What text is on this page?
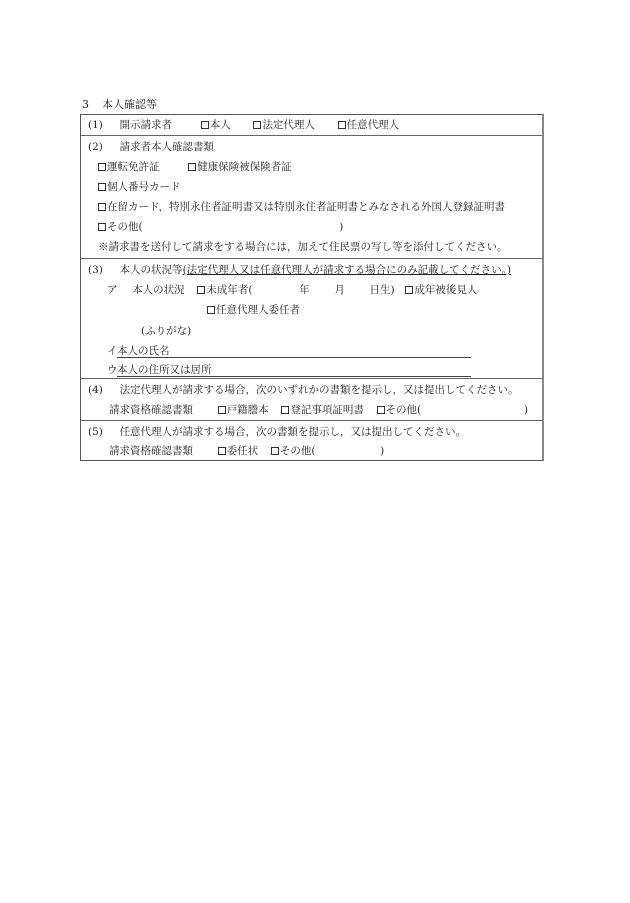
3 本人確認等
(1) 開示請求者	本人	法定代理人	任意代理人
(2) 請求者本人確認書類
運転免許証	健康保険被保険者証
個人番号カード
在留カード，特別永住者証明書又は特別永住者証明書とみなされる外国人登録証明書
その他(	)
※請求書を送付して請求をする場合には，加えて住民票の写し等を添付してください。
(3) 本人の状況等(法定代理人又は任意代理人が請求する場合にのみ記載してください。)
ア 本人の状況 未成年者(	年 月 日生) 成年被後見人
任意代理人委任者
(ふりがな)
イ 本人の氏名
ウ 本人の住所又は居所
(4) 法定代理人が請求する場合，次のいずれかの書類を提示し，又は提出してください。
請求資格確認書類	戸籍謄本 登記事項証明書 その他(	)
(5) 任意代理人が請求する場合，次の書類を提示し，又は提出してください。
請求資格確認書類	委任状 その他(	)
